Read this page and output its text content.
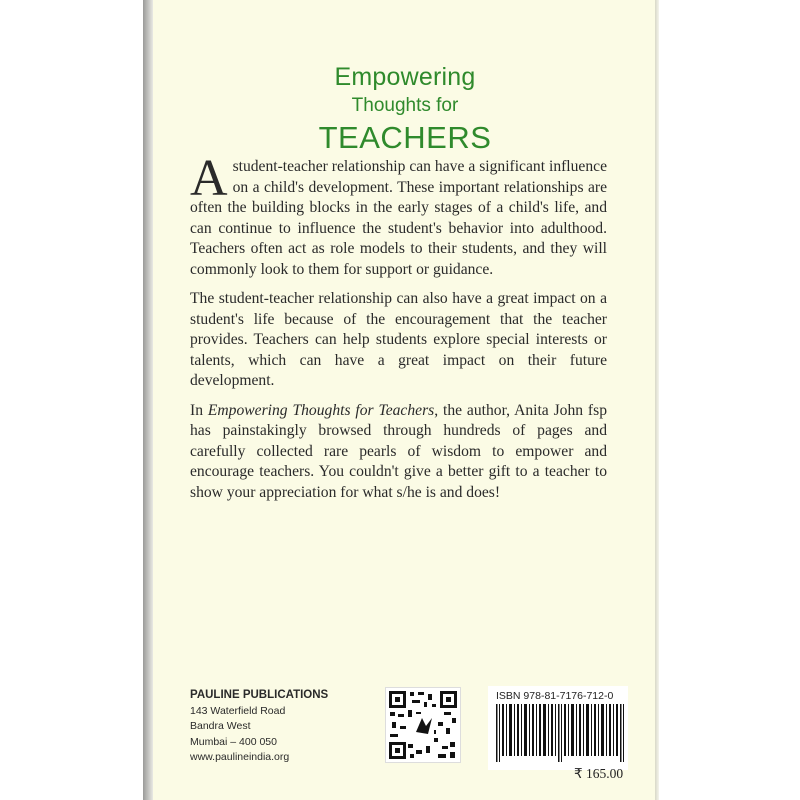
Empowering
Thoughts for
TEACHERS

Astudent-teacher relationship can have a significant influence on a child's development. These important relationships are often the building blocks in the early stages of a child's life, and can continue to influence the student's behavior into adulthood. Teachers often act as role models to their students, and they will commonly look to them for support or guidance.

The student-teacher relationship can also have a great impact on a student's life because of the encouragement that the teacher provides. Teachers can help students explore special interests or talents, which can have a great impact on their future development.

In Empowering Thoughts for Teachers, the author, Anita John fsp has painstakingly browsed through hundreds of pages and carefully collected rare pearls of wisdom to empower and encourage teachers. You couldn't give a better gift to a teacher to show your appreciation for what s/he is and does!

PAULINE PUBLICATIONS
143 Waterfield Road
Bandra West
Mumbai – 400 050
www.paulineindia.org
ISBN 978-81-7176-712-0
₹ 165.00
